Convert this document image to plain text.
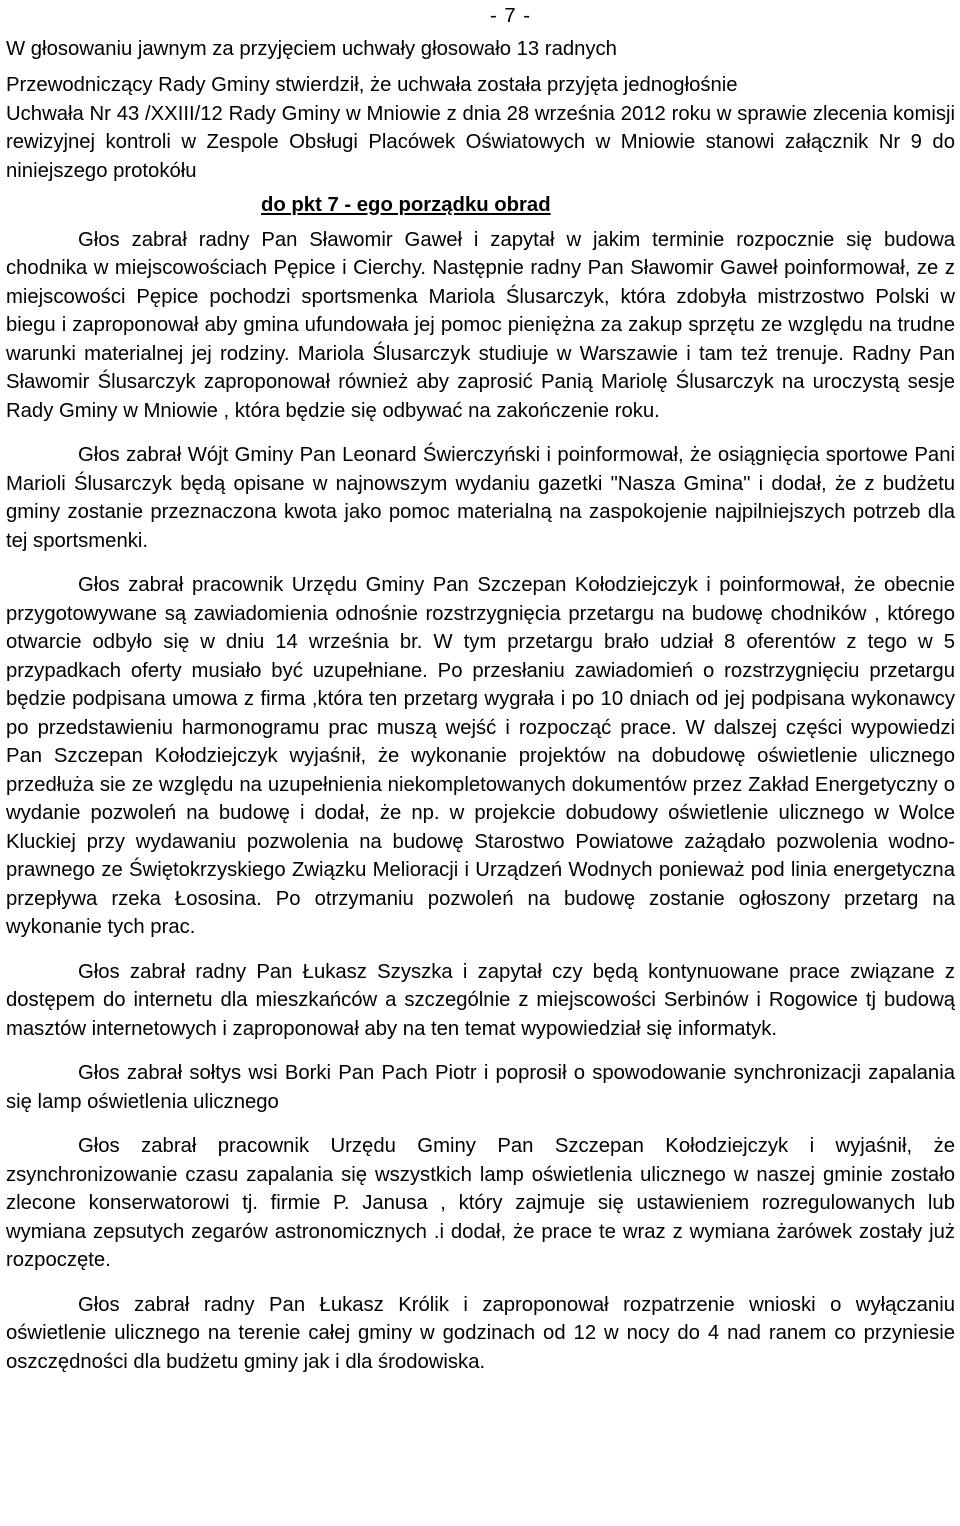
- 7 -

W głosowaniu jawnym za przyjęciem uchwały głosowało 13 radnych

Przewodniczący Rady Gminy stwierdził, że uchwała została przyjęta jednogłośnie

Uchwała Nr 43 /XXIII/12 Rady Gminy w Mniowie z dnia 28 września 2012 roku w sprawie zlecenia komisji rewizyjnej kontroli w Zespole Obsługi Placówek Oświatowych w Mniowie stanowi załącznik Nr 9 do niniejszego protokółu

do pkt 7 - ego porządku obrad

Głos zabrał radny Pan Sławomir Gaweł i zapytał w jakim terminie rozpocznie się budowa chodnika w miejscowościach Pępice i Cierchy. Następnie radny Pan Sławomir Gaweł poinformował, ze z miejscowości Pępice pochodzi sportsmenka Mariola Ślusarczyk, która zdobyła mistrzostwo Polski w biegu i zaproponował aby gmina ufundowała jej pomoc pieniężna za zakup sprzętu ze względu na trudne warunki materialnej jej rodziny. Mariola Ślusarczyk studiuje w Warszawie i tam też trenuje. Radny Pan Sławomir Ślusarczyk zaproponował również aby zaprosić Panią Mariolę Ślusarczyk na uroczystą sesje Rady Gminy w Mniowie , która będzie się odbywać na zakończenie roku.

Głos zabrał Wójt Gminy Pan Leonard Świerczyński i poinformował, że osiągnięcia sportowe Pani Marioli Ślusarczyk będą opisane w najnowszym wydaniu gazetki "Nasza Gmina" i dodał, że z budżetu gminy zostanie przeznaczona kwota jako pomoc materialną na zaspokojenie najpilniejszych potrzeb dla tej sportsmenki.

Głos zabrał pracownik Urzędu Gminy Pan Szczepan Kołodziejczyk i poinformował, że obecnie przygotowywane są zawiadomienia odnośnie rozstrzygnięcia przetargu na budowę chodników , którego otwarcie odbyło się w dniu 14 września br. W tym przetargu brało udział 8 oferentów z tego w 5 przypadkach oferty musiało być uzupełniane. Po przesłaniu zawiadomień o rozstrzygnięciu przetargu będzie podpisana umowa z firma ,która ten przetarg wygrała i po 10 dniach od jej podpisana wykonawcy po przedstawieniu harmonogramu prac muszą wejść i rozpocząć prace. W dalszej części wypowiedzi Pan Szczepan Kołodziejczyk wyjaśnił, że wykonanie projektów na dobudowę oświetlenie ulicznego przedłuża sie ze względu na uzupełnienia niekompletowanych dokumentów przez Zakład Energetyczny o wydanie pozwoleń na budowę i dodał, że np. w projekcie dobudowy oświetlenie ulicznego w Wolce Kluckiej przy wydawaniu pozwolenia na budowę Starostwo Powiatowe zażądało pozwolenia wodno- prawnego ze Świętokrzyskiego Związku Melioracji i Urządzeń Wodnych ponieważ pod linia energetyczna przepływa rzeka Łososina. Po otrzymaniu pozwoleń na budowę zostanie ogłoszony przetarg na wykonanie tych prac.

Głos zabrał radny Pan Łukasz Szyszka i zapytał czy będą kontynuowane prace związane z dostępem do internetu dla mieszkańców a szczególnie z miejscowości Serbinów i Rogowice tj budową masztów internetowych i zaproponował aby na ten temat wypowiedział się informatyk.

Głos zabrał sołtys wsi Borki Pan Pach Piotr i poprosił o spowodowanie synchronizacji zapalania się lamp oświetlenia ulicznego

Głos zabrał pracownik Urzędu Gminy Pan Szczepan Kołodziejczyk i wyjaśnił, że zsynchronizowanie czasu zapalania się wszystkich lamp oświetlenia ulicznego w naszej gminie zostało zlecone konserwatorowi tj. firmie P. Janusa , który zajmuje się ustawieniem rozregulowanych lub wymiana zepsutych zegarów astronomicznych .i dodał, że prace te wraz z wymiana żarówek zostały już rozpoczęte.

Głos zabrał radny Pan Łukasz Królik i zaproponował rozpatrzenie wnioski o wyłączaniu oświetlenie ulicznego na terenie całej gminy w godzinach od 12 w nocy do 4 nad ranem co przyniesie oszczędności dla budżetu gminy jak i dla środowiska.
